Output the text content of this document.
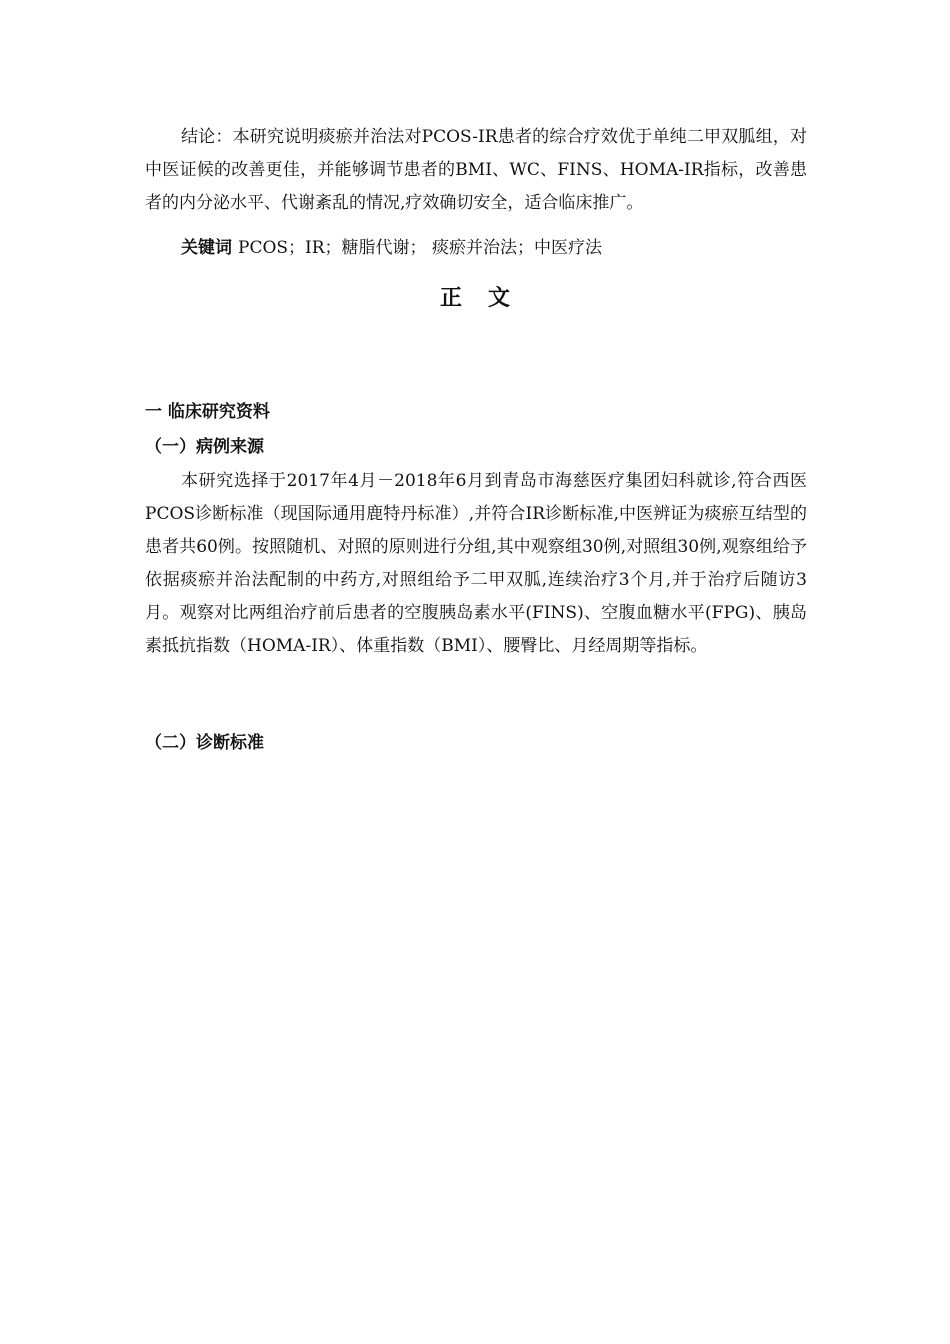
结论：本研究说明痰瘀并治法对PCOS-IR患者的综合疗效优于单纯二甲双胍组，对中医证候的改善更佳，并能够调节患者的BMI、WC、FINS、HOMA-IR指标，改善患者的内分泌水平、代谢紊乱的情况,疗效确切安全，适合临床推广。

关键词 PCOS；IR；糖脂代谢； 痰瘀并治法；中医疗法

正文
一 临床研究资料
（一）病例来源

本研究选择于2017年4月－2018年6月到青岛市海慈医疗集团妇科就诊,符合西医PCOS诊断标准（现国际通用鹿特丹标准）,并符合IR诊断标准,中医辨证为痰瘀互结型的患者共60例。按照随机、对照的原则进行分组,其中观察组30例,对照组30例,观察组给予依据痰瘀并治法配制的中药方,对照组给予二甲双胍,连续治疗3个月,并于治疗后随访3月。观察对比两组治疗前后患者的空腹胰岛素水平(FINS)、空腹血糖水平(FPG)、胰岛素抵抗指数（HOMA-IR）、体重指数（BMI）、腰臀比、月经周期等指标。

（二）诊断标准
